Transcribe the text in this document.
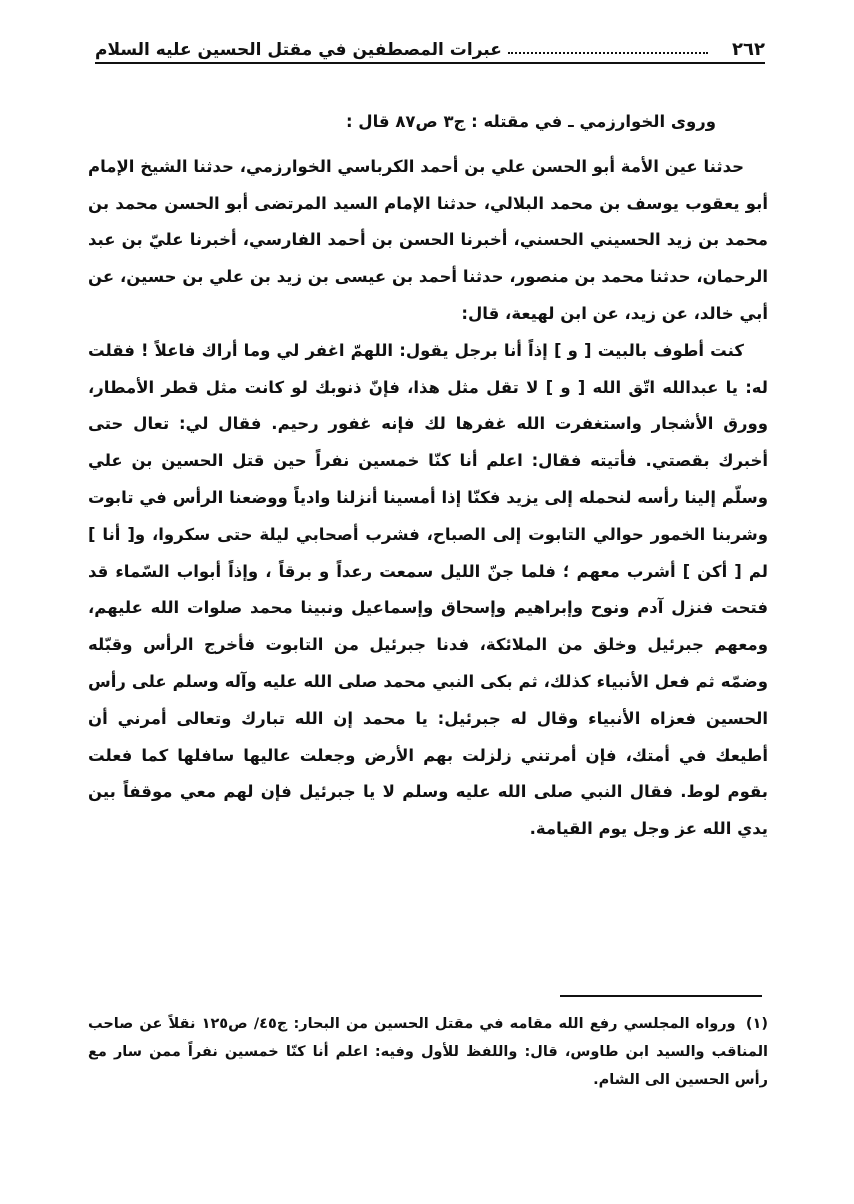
٢٦٢
عبرات المصطفين في مقتل الحسين عليه السلام

وروى الخوارزمي ـ في مقتله : ج٣ ص٨٧ قال :

حدثنا عين الأمة أبو الحسن علي بن أحمد الكرباسي الخوارزمي، حدثنا الشيخ الإمام أبو يعقوب يوسف بن محمد البلالي، حدثنا الإمام السيد المرتضى أبو الحسن محمد بن محمد بن زيد الحسيني الحسني، أخبرنا الحسن بن أحمد الفارسي، أخبرنا عليّ بن عبد الرحمان، حدثنا محمد بن منصور، حدثنا أحمد بن عيسى بن زيد بن علي بن حسين، عن أبي خالد، عن زيد، عن ابن لهيعة، قال:

كنت أطوف بالبيت [ و ] إذاً أنا برجل يقول: اللهمّ اغفر لي وما أراك فاعلاً ! فقلت له: يا عبدالله اتّق الله [ و ] لا تقل مثل هذا، فإنّ ذنوبك لو كانت مثل قطر الأمطار، وورق الأشجار واستغفرت الله غفرها لك فإنه غفور رحيم. فقال لي: تعال حتى أخبرك بقصتي. فأتيته فقال: اعلم أنا كنّا خمسين نفراً حين قتل الحسين بن علي وسلّم إلينا رأسه لنحمله إلى يزيد فكنّا إذا أمسينا أنزلنا وادياً ووضعنا الرأس في تابوت وشربنا الخمور حوالي التابوت إلى الصباح، فشرب أصحابي ليلة حتى سكروا، و[ أنا ] لم [ أكن ] أشرب معهم ؛ فلما جنّ الليل سمعت رعداً و برقاً ، وإذاً أبواب السّماء قد فتحت فنزل آدم ونوح وإبراهيم وإسحاق وإسماعيل ونبينا محمد صلوات الله عليهم، ومعهم جبرئيل وخلق من الملائكة، فدنا جبرئيل من التابوت فأخرج الرأس وقبّله وضمّه ثم فعل الأنبياء كذلك، ثم بكى النبي محمد صلى الله عليه وآله وسلم على رأس الحسين فعزاه الأنبياء وقال له جبرئيل: يا محمد إن الله تبارك وتعالى أمرني أن أطيعك في أمتك، فإن أمرتني زلزلت بهم الأرض وجعلت عاليها سافلها كما فعلت بقوم لوط. فقال النبي صلى الله عليه وسلم لا يا جبرئيل فإن لهم معي موقفاً بين يدي الله عز وجل يوم القيامة.

(١) ورواه المجلسي رفع الله مقامه في مقتل الحسين من البحار: ج٤٥/ ص١٢٥ نقلاً عن صاحب المناقب والسيد ابن طاوس، قال: واللفظ للأول وفيه: اعلم أنا كنّا خمسين نفراً ممن سار مع رأس الحسين الى الشام.
